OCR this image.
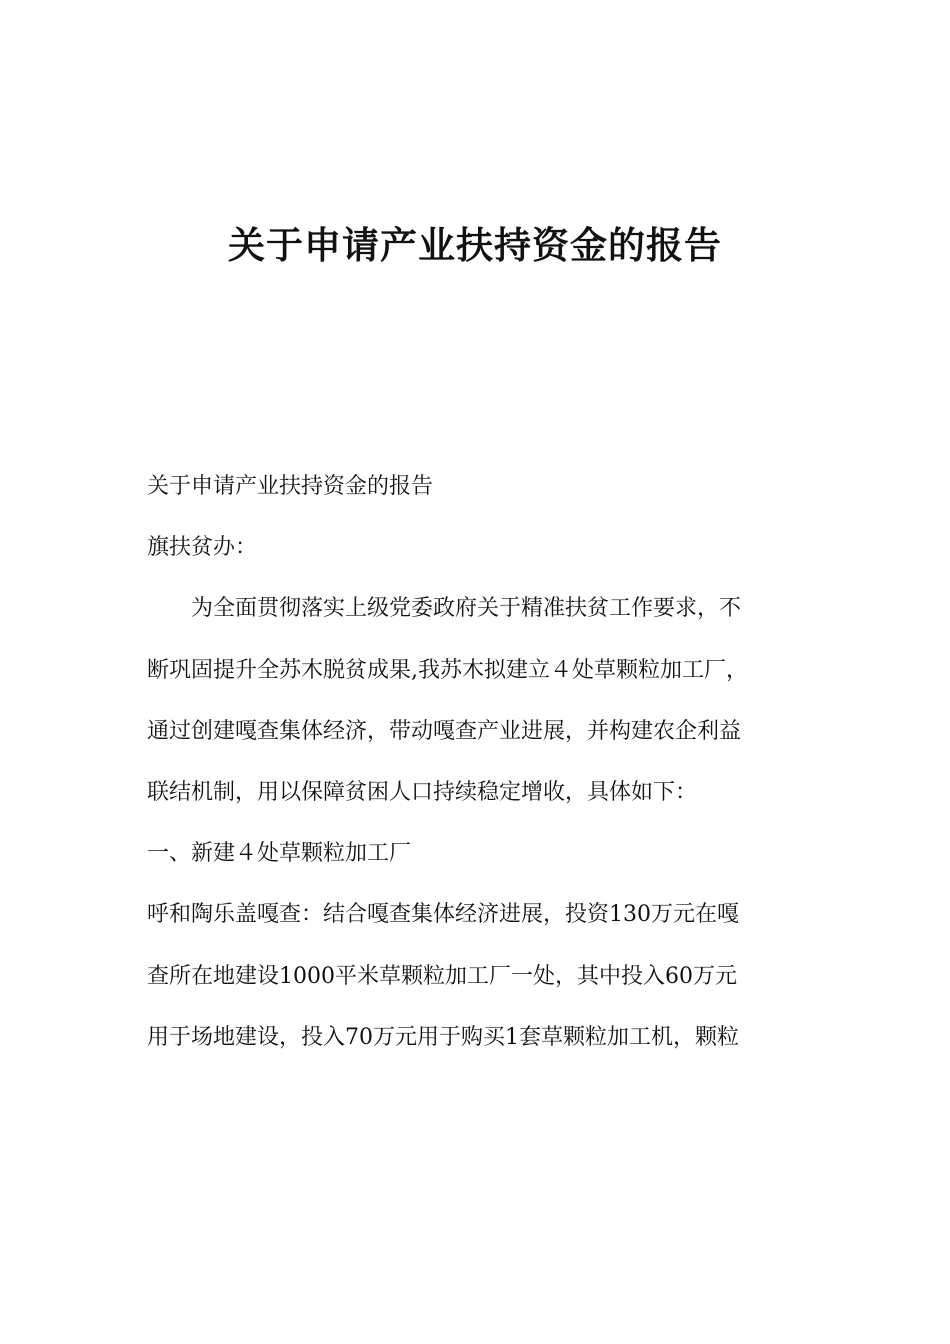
关于申请产业扶持资金的报告
关于申请产业扶持资金的报告
旗扶贫办：
　　为全面贯彻落实上级党委政府关于精准扶贫工作要求，不
断巩固提升全苏木脱贫成果,我苏木拟建立４处草颗粒加工厂，
通过创建嘎查集体经济，带动嘎查产业进展，并构建农企利益
联结机制，用以保障贫困人口持续稳定增收，具体如下：
一、新建４处草颗粒加工厂
呼和陶乐盖嘎查：结合嘎查集体经济进展，投资130万元在嘎
查所在地建设1000平米草颗粒加工厂一处，其中投入60万元
用于场地建设，投入70万元用于购买1套草颗粒加工机，颗粒
